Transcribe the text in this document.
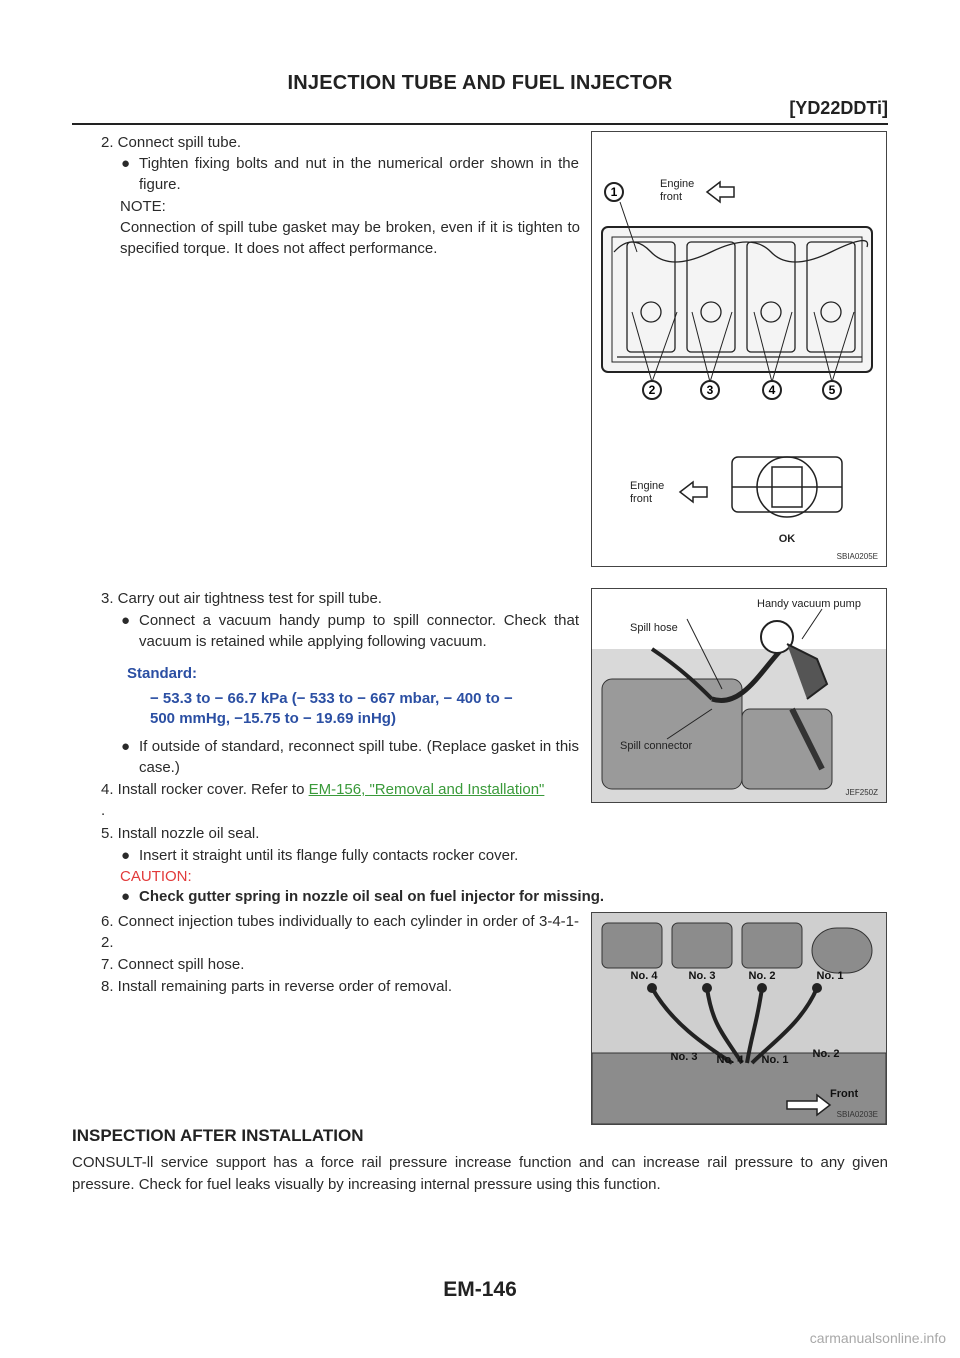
INJECTION TUBE AND FUEL INJECTOR
[YD22DDTi]
2. Connect spill tube.
● Tighten fixing bolts and nut in the numerical order shown in the figure.
NOTE:
Connection of spill tube gasket may be broken, even if it is tighten to specified torque. It does not affect performance.
1
2	3	4	5
Engine front
Engine front
OK
SBIA0205E
3. Carry out air tightness test for spill tube.
● Connect a vacuum handy pump to spill connector. Check that vacuum is retained while applying following vacuum.
Standard:
− 53.3 to − 66.7 kPa (− 533 to − 667 mbar, − 400 to −
500 mmHg, −15.75 to − 19.69 inHg)
● If outside of standard, reconnect spill tube. (Replace gasket in this case.)
4. Install rocker cover. Refer to EM-156, "Removal and Installation"
.
Handy vacuum pump
Spill hose
Spill connector
JEF250Z
5. Install nozzle oil seal.
● Insert it straight until its flange fully contacts rocker cover.
CAUTION:
● Check gutter spring in nozzle oil seal on fuel injector for missing.
6. Connect injection tubes individually to each cylinder in order of 3-4-1-2.
7. Connect spill hose.
8. Install remaining parts in reverse order of removal.
No. 4	No. 3	No. 2	No. 1
No. 3 No. 4 No. 1 No. 2
Front
SBIA0203E
INSPECTION AFTER INSTALLATION
CONSULT-ll service support has a force rail pressure increase function and can increase rail pressure to any given pressure. Check for fuel leaks visually by increasing internal pressure using this function.
EM-146
carmanualsonline.info
